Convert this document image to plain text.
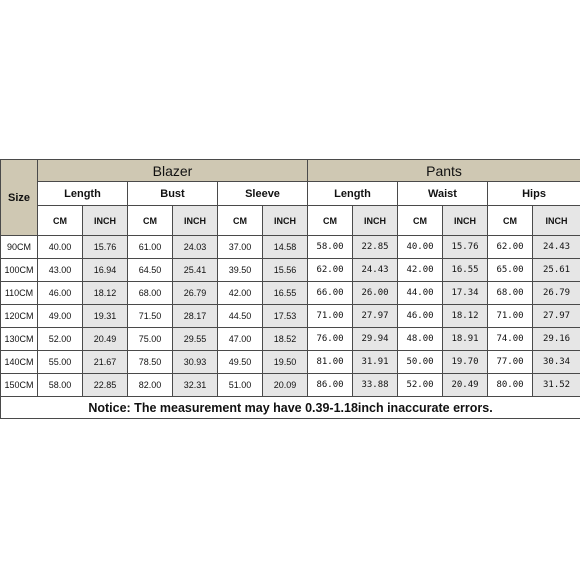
Size	Blazer						Pants					
	Length		Bust		Sleeve		Length		Waist		Hips	
	CM	INCH	CM	INCH	CM	INCH	CM	INCH	CM	INCH	CM	INCH
90CM	40.00	15.76	61.00	24.03	37.00	14.58	58.00	22.85	40.00	15.76	62.00	24.43
100CM	43.00	16.94	64.50	25.41	39.50	15.56	62.00	24.43	42.00	16.55	65.00	25.61
110CM	46.00	18.12	68.00	26.79	42.00	16.55	66.00	26.00	44.00	17.34	68.00	26.79
120CM	49.00	19.31	71.50	28.17	44.50	17.53	71.00	27.97	46.00	18.12	71.00	27.97
130CM	52.00	20.49	75.00	29.55	47.00	18.52	76.00	29.94	48.00	18.91	74.00	29.16
140CM	55.00	21.67	78.50	30.93	49.50	19.50	81.00	31.91	50.00	19.70	77.00	30.34
150CM	58.00	22.85	82.00	32.31	51.00	20.09	86.00	33.88	52.00	20.49	80.00	31.52
Notice: The measurement may have 0.39-1.18inch inaccurate errors.												
